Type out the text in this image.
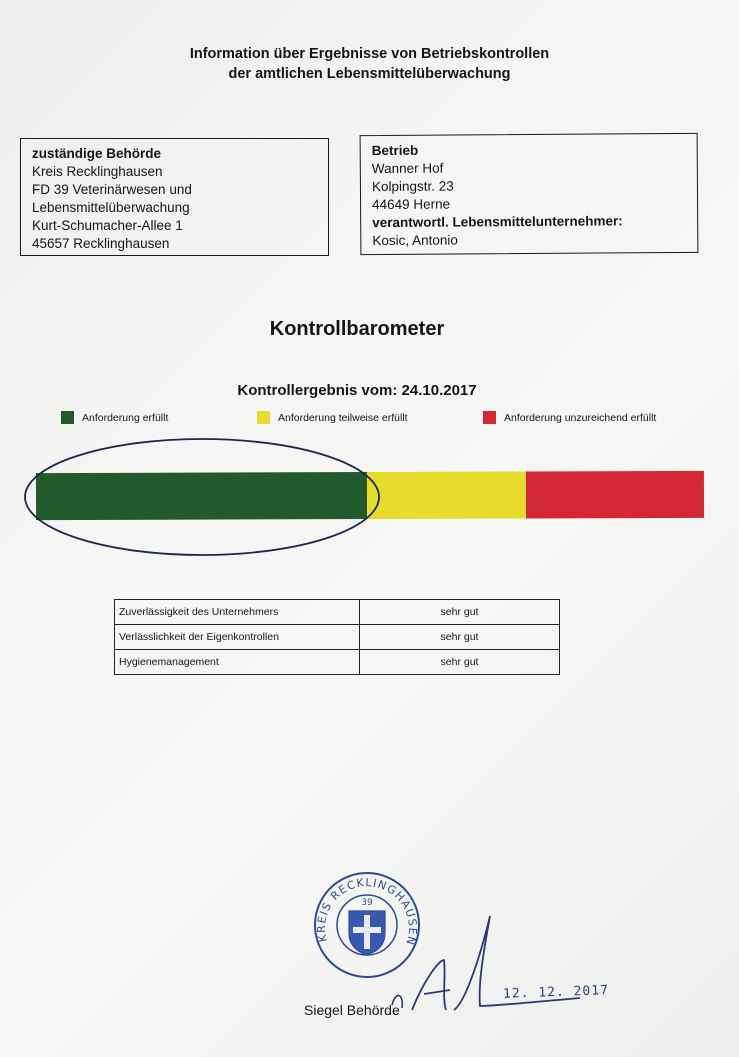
Information über Ergebnisse von Betriebskontrollen
der amtlichen Lebensmittelüberwachung
zuständige Behörde
Kreis Recklinghausen
FD 39 Veterinärwesen und
Lebensmittelüberwachung
Kurt-Schumacher-Allee 1
45657 Recklinghausen
Betrieb
Wanner Hof
Kolpingstr. 23
44649 Herne
verantwortl. Lebensmittelunternehmer:
Kosic, Antonio
Kontrollbarometer
Kontrollergebnis vom: 24.10.2017
Anforderung erfüllt	Anforderung teilweise erfüllt	Anforderung unzureichend erfüllt
Zuverlässigkeit des Unternehmers	sehr gut
Verlässlichkeit der Eigenkontrollen	sehr gut
Hygienemanagement	sehr gut
KREIS RECKLINGHAUSEN
39
Siegel Behörde
12. 12. 2017
